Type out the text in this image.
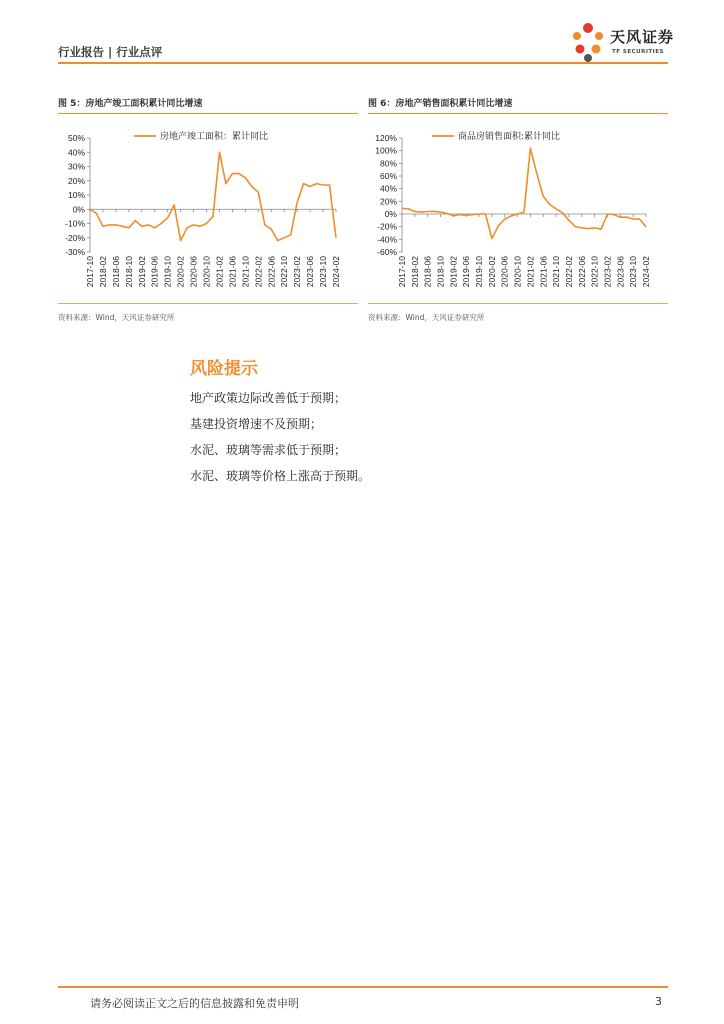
行业报告 | 行业点评
天风证券
TF SECURITIES
图 5：房地产竣工面积累计同比增速
50%
40%
30%
20%
10%
0%
-10%
-20%
-30%
2017-10 2018-02 2018-06 2018-10 2019-02 2019-06 2019-10 2020-02 2020-06 2020-10 2021-02 2021-06 2021-10 2022-02 2022-06 2022-10 2023-02 2023-06 2023-10 2024-02
房地产竣工面积：累计同比
资料来源：Wind，天风证券研究所
图 6：房地产销售面积累计同比增速
120%
100%
80%
60%
40%
20%
0%
-20%
-40%
-60%
2017-10 2018-02 2018-06 2018-10 2019-02 2019-06 2019-10 2020-02 2020-06 2020-10 2021-02 2021-06 2021-10 2022-02 2022-06 2022-10 2023-02 2023-06 2023-10 2024-02
商品房销售面积:累计同比
资料来源：Wind，天风证券研究所
风险提示
地产政策边际改善低于预期；
基建投资增速不及预期；
水泥、玻璃等需求低于预期；
水泥、玻璃等价格上涨高于预期。
请务必阅读正文之后的信息披露和免责申明	3
